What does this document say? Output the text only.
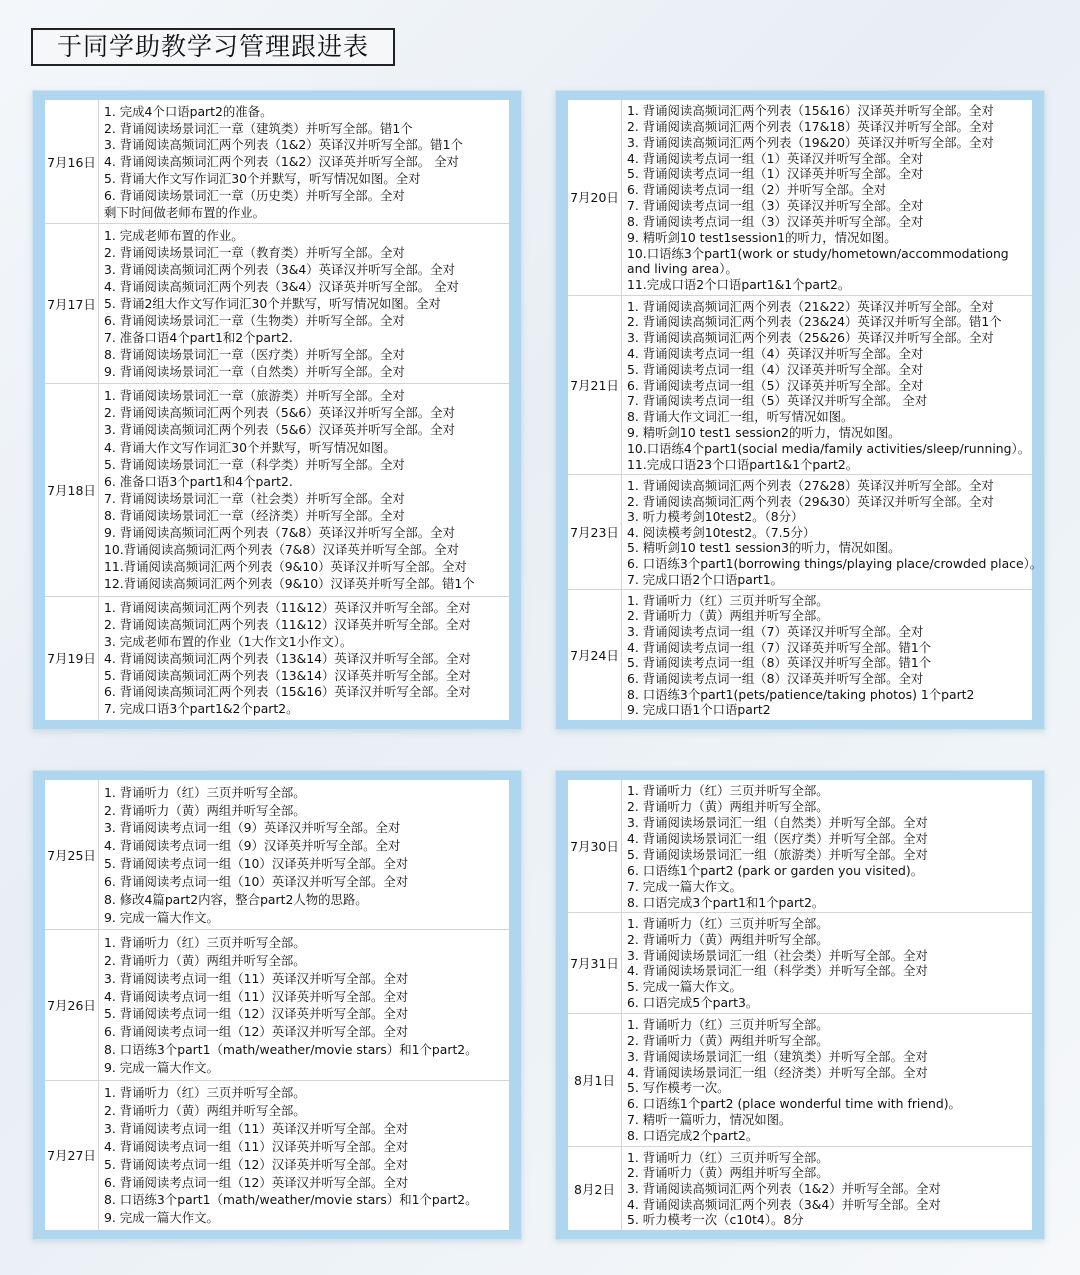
于同学助教学习管理跟进表
7月16日
1. 完成4个口语part2的准备。
2. 背诵阅读场景词汇一章（建筑类）并听写全部。错1个
3. 背诵阅读高频词汇两个列表（1&2）英译汉并听写全部。错1个
4. 背诵阅读高频词汇两个列表（1&2）汉译英并听写全部。 全对
5. 背诵大作文写作词汇30个并默写，听写情况如图。全对
6. 背诵阅读场景词汇一章（历史类）并听写全部。全对
剩下时间做老师布置的作业。
7月17日
1. 完成老师布置的作业。
2. 背诵阅读场景词汇一章（教育类）并听写全部。全对
3. 背诵阅读高频词汇两个列表（3&4）英译汉并听写全部。全对
4. 背诵阅读高频词汇两个列表（3&4）汉译英并听写全部。 全对
5. 背诵2组大作文写作词汇30个并默写，听写情况如图。全对
6. 背诵阅读场景词汇一章（生物类）并听写全部。全对
7. 准备口语4个part1和2个part2.
8. 背诵阅读场景词汇一章（医疗类）并听写全部。全对
9. 背诵阅读场景词汇一章（自然类）并听写全部。全对
7月18日
1. 背诵阅读场景词汇一章（旅游类）并听写全部。全对
2. 背诵阅读高频词汇两个列表（5&6）英译汉并听写全部。全对
3. 背诵阅读高频词汇两个列表（5&6）汉译英并听写全部。全对
4. 背诵大作文写作词汇30个并默写，听写情况如图。
5. 背诵阅读场景词汇一章（科学类）并听写全部。全对
6. 准备口语3个part1和4个part2.
7. 背诵阅读场景词汇一章（社会类）并听写全部。全对
8. 背诵阅读场景词汇一章（经济类）并听写全部。全对
9. 背诵阅读高频词汇两个列表（7&8）英译汉并听写全部。全对
10.背诵阅读高频词汇两个列表（7&8）汉译英并听写全部。全对
11.背诵阅读高频词汇两个列表（9&10）英译汉并听写全部。全对
12.背诵阅读高频词汇两个列表（9&10）汉译英并听写全部。错1个
7月19日
1. 背诵阅读高频词汇两个列表（11&12）英译汉并听写全部。全对
2. 背诵阅读高频词汇两个列表（11&12）汉译英并听写全部。全对
3. 完成老师布置的作业（1大作文1小作文）。
4. 背诵阅读高频词汇两个列表（13&14）英译汉并听写全部。全对
5. 背诵阅读高频词汇两个列表（13&14）汉译英并听写全部。全对
6. 背诵阅读高频词汇两个列表（15&16）英译汉并听写全部。全对
7. 完成口语3个part1&2个part2。
7月20日
1. 背诵阅读高频词汇两个列表（15&16）汉译英并听写全部。全对
2. 背诵阅读高频词汇两个列表（17&18）英译汉并听写全部。全对
3. 背诵阅读高频词汇两个列表（19&20）英译汉并听写全部。全对
4. 背诵阅读考点词一组（1）英译汉并听写全部。全对
5. 背诵阅读考点词一组（1）汉译英并听写全部。全对
6. 背诵阅读考点词一组（2）并听写全部。全对
7. 背诵阅读考点词一组（3）英译汉并听写全部。全对
8. 背诵阅读考点词一组（3）汉译英并听写全部。全对
9. 精听剑10 test1session1的听力，情况如图。
10.口语练3个part1(work or study/hometown/accommodationg and living area）。
11.完成口语2个口语part1&1个part2。
7月21日
1. 背诵阅读高频词汇两个列表（21&22）英译汉并听写全部。全对
2. 背诵阅读高频词汇两个列表（23&24）英译汉并听写全部。错1个
3. 背诵阅读高频词汇两个列表（25&26）英译汉并听写全部。全对
4. 背诵阅读考点词一组（4）英译汉并听写全部。全对
5. 背诵阅读考点词一组（4）汉译英并听写全部。全对
6. 背诵阅读考点词一组（5）汉译英并听写全部。全对
7. 背诵阅读考点词一组（5）英译汉并听写全部。 全对
8. 背诵大作文词汇一组，听写情况如图。
9. 精听剑10 test1 session2的听力，情况如图。
10.口语练4个part1(social media/family activities/sleep/running）。
11.完成口语23个口语part1&1个part2。
7月23日
1. 背诵阅读高频词汇两个列表（27&28）英译汉并听写全部。全对
2. 背诵阅读高频词汇两个列表（29&30）英译汉并听写全部。全对
3. 听力模考剑10test2。（8分）
4. 阅读模考剑10test2。（7.5分）
5. 精听剑10 test1 session3的听力，情况如图。
6. 口语练3个part1(borrowing things/playing place/crowded place）。
7. 完成口语2个口语part1。
7月24日
1. 背诵听力（红）三页并听写全部。
2. 背诵听力（黄）两组并听写全部。
3. 背诵阅读考点词一组（7）英译汉并听写全部。全对
4. 背诵阅读考点词一组（7）汉译英并听写全部。错1个
5. 背诵阅读考点词一组（8）英译汉并听写全部。错1个
6. 背诵阅读考点词一组（8）汉译英并听写全部。全对
8. 口语练3个part1(pets/patience/taking photos) 1个part2
9. 完成口语1个口语part2
7月25日
1. 背诵听力（红）三页并听写全部。
2. 背诵听力（黄）两组并听写全部。
3. 背诵阅读考点词一组（9）英译汉并听写全部。全对
4. 背诵阅读考点词一组（9）汉译英并听写全部。全对
5. 背诵阅读考点词一组（10）汉译英并听写全部。全对
6. 背诵阅读考点词一组（10）英译汉并听写全部。全对
8. 修改4篇part2内容，整合part2人物的思路。
9. 完成一篇大作文。
7月26日
1. 背诵听力（红）三页并听写全部。
2. 背诵听力（黄）两组并听写全部。
3. 背诵阅读考点词一组（11）英译汉并听写全部。全对
4. 背诵阅读考点词一组（11）汉译英并听写全部。全对
5. 背诵阅读考点词一组（12）汉译英并听写全部。全对
6. 背诵阅读考点词一组（12）英译汉并听写全部。全对
8. 口语练3个part1（math/weather/movie stars）和1个part2。
9. 完成一篇大作文。
7月27日
1. 背诵听力（红）三页并听写全部。
2. 背诵听力（黄）两组并听写全部。
3. 背诵阅读考点词一组（11）英译汉并听写全部。全对
4. 背诵阅读考点词一组（11）汉译英并听写全部。全对
5. 背诵阅读考点词一组（12）汉译英并听写全部。全对
6. 背诵阅读考点词一组（12）英译汉并听写全部。全对
8. 口语练3个part1（math/weather/movie stars）和1个part2。
9. 完成一篇大作文。
7月30日
1. 背诵听力（红）三页并听写全部。
2. 背诵听力（黄）两组并听写全部。
3. 背诵阅读场景词汇一组（自然类）并听写全部。全对
4. 背诵阅读场景词汇一组（医疗类）并听写全部。全对
5. 背诵阅读场景词汇一组（旅游类）并听写全部。全对
6. 口语练1个part2 (park or garden you visited)。
7. 完成一篇大作文。
8. 口语完成3个part1和1个part2。
7月31日
1. 背诵听力（红）三页并听写全部。
2. 背诵听力（黄）两组并听写全部。
3. 背诵阅读场景词汇一组（社会类）并听写全部。全对
4. 背诵阅读场景词汇一组（科学类）并听写全部。全对
5. 完成一篇大作文。
6. 口语完成5个part3。
8月1日
1. 背诵听力（红）三页并听写全部。
2. 背诵听力（黄）两组并听写全部。
3. 背诵阅读场景词汇一组（建筑类）并听写全部。全对
4. 背诵阅读场景词汇一组（经济类）并听写全部。全对
5. 写作模考一次。
6. 口语练1个part2 (place wonderful time with friend)。
7. 精听一篇听力，情况如图。
8. 口语完成2个part2。
8月2日
1. 背诵听力（红）三页并听写全部。
2. 背诵听力（黄）两组并听写全部。
3. 背诵阅读高频词汇两个列表（1&2）并听写全部。全对
4. 背诵阅读高频词汇两个列表（3&4）并听写全部。全对
5. 听力模考一次（c10t4）。8分
